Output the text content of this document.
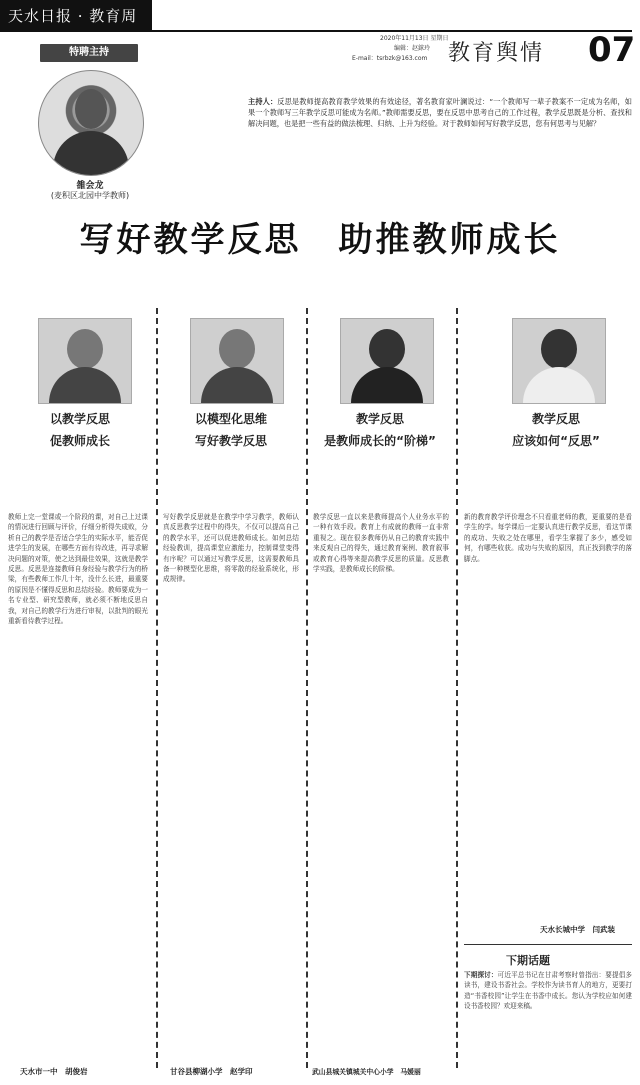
天水日报 · 教育周刊
2020年11月13日 星期日
编辑：赵銶玲
E-mail：tsrbzk@163.com 教育舆情 07
特聘主持
雒会龙
(麦积区北园中学教师)
主持人：反思是教师提高教育教学效果的有效途径，著名教育家叶澜说过：“一个教师写一辈子教案不一定成为名师，如果一个教师写三年教学反思可能成为名师。”教师需要反思，要在反思中思考自己的工作过程，教学反思既是分析、查找和解决问题，也是把一些有益的做法梳理、归纳、上升为经验。对于教师如何写好教学反思，您有何思考与见解？
写好教学反思　助推教师成长
以教学反思
促教师成长
教师上完一堂课或一个阶段的课，对自己上过课的情况进行回顾与评价，仔细分析得失成败，分析自己的教学是否适合学生的实际水平，能否促进学生的发展，在哪些方面有待改进，再寻求解决问题的对策，使之达到最佳效果，这就是教学反思。反思是连接教师自身经验与教学行为的桥梁，有些教师工作几十年，没什么长进，最重要的原因是不懂得反思和总结经验。教师要成为一名专业型、研究型教师，就必须不断地反思自我，对自己的教学行为进行审视，以批判的眼光重新看待教学过程。
天水市一中　胡俊岩
以模型化思维
写好教学反思
写好教学反思就是在教学中学习教学，教师认真反思教学过程中的得失，不仅可以提高自己的教学水平，还可以促进教师成长。如何总结经验教训，提高课堂应激能力，控制课堂变得有序呢？可以通过写教学反思，这需要教师具备一种模型化思维，将零散的经验系统化，形成规律。
甘谷县柳湖小学　赵学印
教学反思
是教师成长的“阶梯”
教学反思一直以来是教师提高个人业务水平的一种有效手段。教育上有成就的教师一直非常重视之。现在很多教师仍从自己的教育实践中来反观自己的得失，通过教育案例、教育叙事或教育心得等来提高教学反思的质量。反思教学实践，是教师成长的阶梯。
武山县城关镇城关中心小学　马媛丽
教学反思
应该如何“反思”
新的教育教学评价理念不只看重老师的教，更重要的是看学生的学。每学课后一定要认真进行教学反思，看这节课的成功、失败之处在哪里，看学生掌握了多少，感受如何，有哪些收获。成功与失败的原因，真正找到教学的落脚点。
天水长城中学　闫武装
下期话题
下期探讨：可近平总书记在甘肃考察时曾指出：要提倡多读书，建设书香社会。学校作为读书育人的地方，更要打造“书香校园”让学生在书香中成长。您认为学校应如何建设书香校园？欢迎来稿。
